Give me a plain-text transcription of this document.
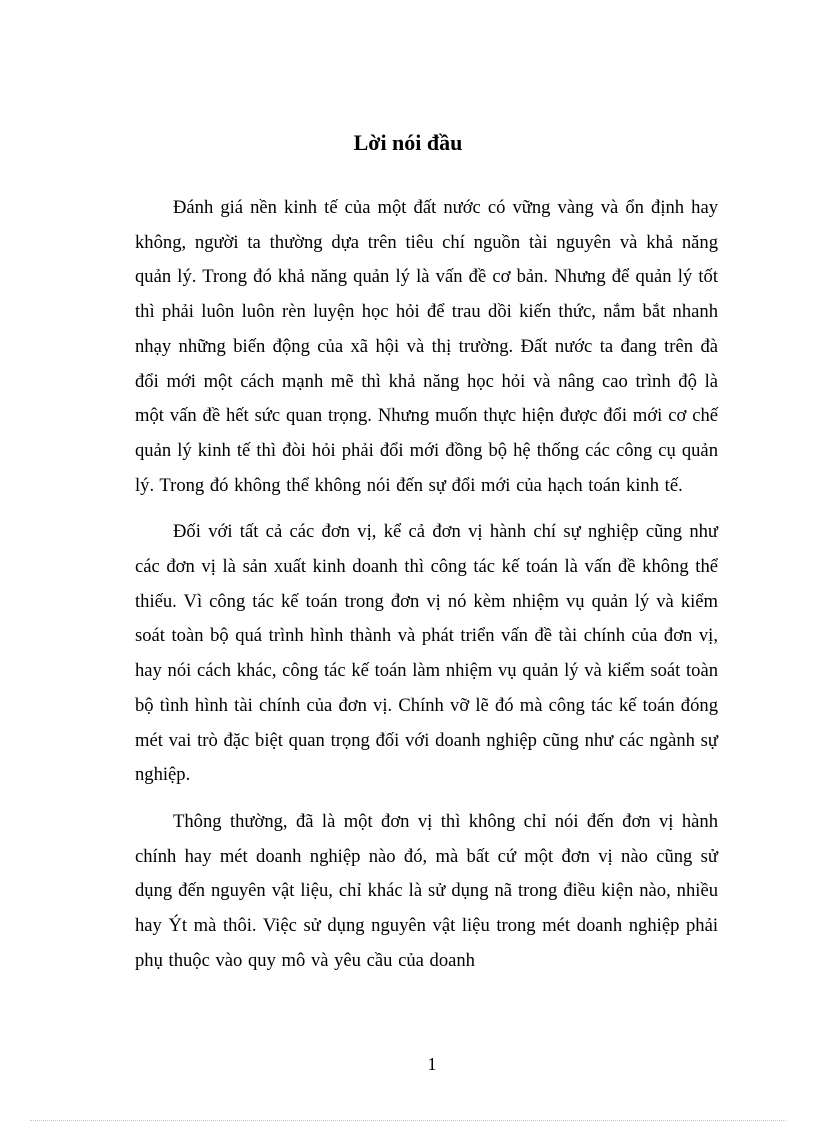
Lời nói đầu

Đánh giá nền kinh tế của một đất nước có vững vàng và ổn định hay không, người ta thường dựa trên tiêu chí nguồn tài nguyên và khả năng quản lý. Trong đó khả năng quản lý là vấn đề cơ bản. Nhưng để quản lý tốt thì phải luôn luôn rèn luyện học hỏi để trau dồi kiến thức, nắm bắt nhanh nhạy những biến động của xã hội và thị trường. Đất nước ta đang trên đà đổi mới một cách mạnh mẽ thì khả năng học hỏi và nâng cao trình độ là một vấn đề hết sức quan trọng. Nhưng muốn thực hiện được đổi mới cơ chế quản lý kinh tế thì đòi hỏi phải đổi mới đồng bộ hệ thống các công cụ quản lý. Trong đó không thể không nói đến sự đổi mới của hạch toán kinh tế.

Đối với tất cả các đơn vị, kể cả đơn vị hành chí sự nghiệp cũng như các đơn vị là sản xuất kinh doanh thì công tác kế toán là vấn đề không thể thiếu. Vì công tác kế toán trong đơn vị nó kèm nhiệm vụ quản lý và kiểm soát toàn bộ quá trình hình thành và phát triển vấn đề tài chính của đơn vị, hay nói cách khác, công tác kế toán làm nhiệm vụ quản lý và kiểm soát toàn bộ tình hình tài chính của đơn vị. Chính vỡ lẽ đó mà công tác kế toán đóng mét vai trò đặc biệt quan trọng đối với doanh nghiệp cũng như các ngành sự nghiệp.

Thông thường, đã là một đơn vị thì không chỉ nói đến đơn vị hành chính hay mét doanh nghiệp nào đó, mà bất cứ một đơn vị nào cũng sử dụng đến nguyên vật liệu, chỉ khác là sử dụng nã trong điều kiện nào, nhiều hay Ýt mà thôi. Việc sử dụng nguyên vật liệu trong mét doanh nghiệp phải phụ thuộc vào quy mô và yêu cầu của doanh

1
